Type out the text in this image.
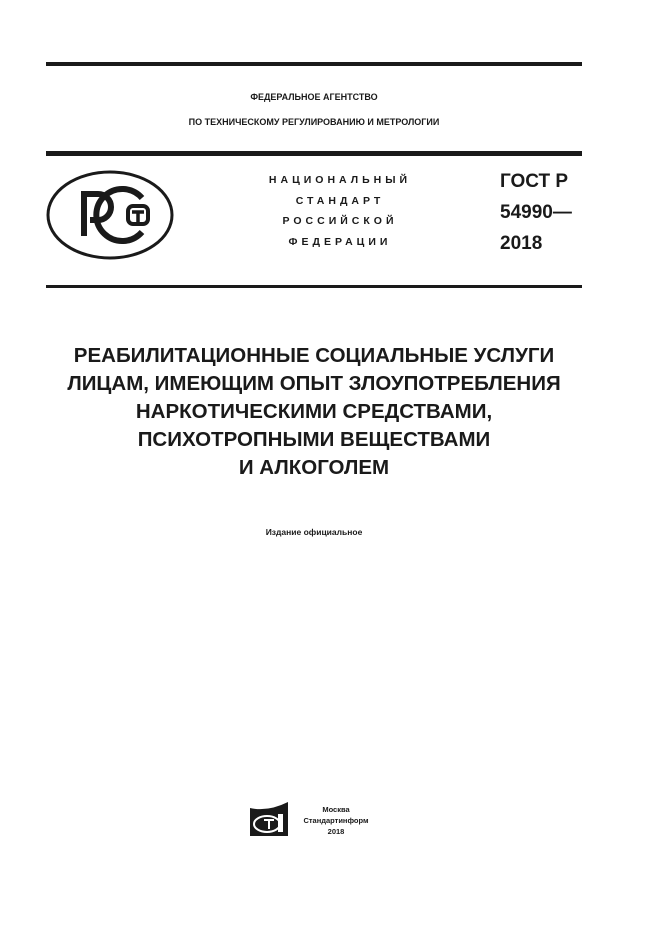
ФЕДЕРАЛЬНОЕ АГЕНТСТВО
ПО ТЕХНИЧЕСКОМУ РЕГУЛИРОВАНИЮ И МЕТРОЛОГИИ
НАЦИОНАЛЬНЫЙ
СТАНДАРТ
РОССИЙСКОЙ
ФЕДЕРАЦИИ
ГОСТ Р
54990—
2018
РЕАБИЛИТАЦИОННЫЕ СОЦИАЛЬНЫЕ УСЛУГИ
ЛИЦАМ, ИМЕЮЩИМ ОПЫТ ЗЛОУПОТРЕБЛЕНИЯ
НАРКОТИЧЕСКИМИ СРЕДСТВАМИ,
ПСИХОТРОПНЫМИ ВЕЩЕСТВАМИ
И АЛКОГОЛЕМ
Издание официальное
Москва
Стандартинформ
2018
